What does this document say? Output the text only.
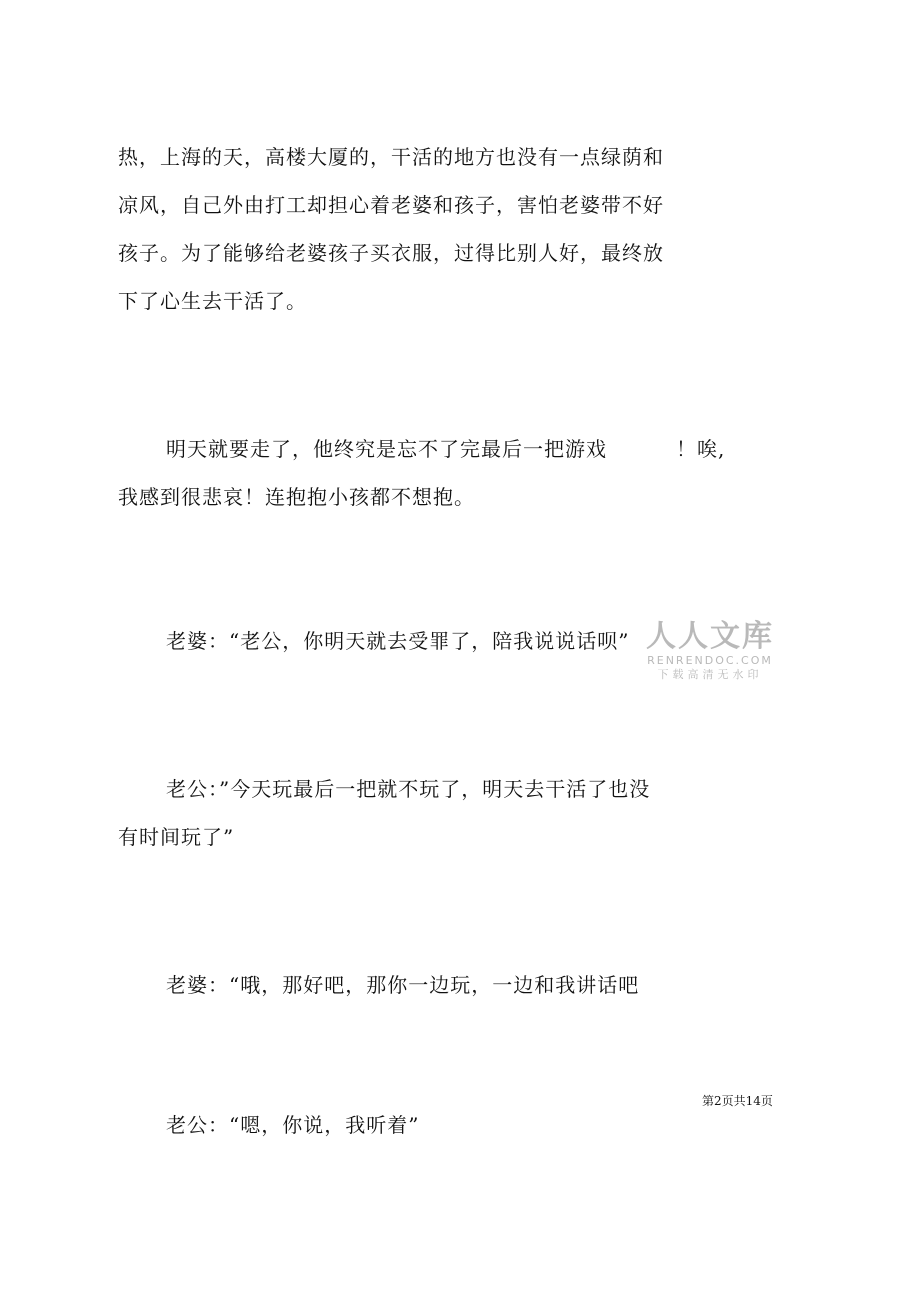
热，上海的天，高楼大厦的，干活的地方也没有一点绿荫和
凉风，自己外由打工却担心着老婆和孩子，害怕老婆带不好
孩子。为了能够给老婆孩子买衣服，过得比别人好，最终放
下了心生去干活了。
明天就要走了，他终究是忘不了完最后一把游戏	！唉,
我感到很悲哀！连抱抱小孩都不想抱。
老婆：“老公，你明天就去受罪了，陪我说说话呗”
老公：”今天玩最后一把就不玩了，明天去干活了也没
有时间玩了”
老婆：“哦，那好吧，那你一边玩，一边和我讲话吧
老公：“嗯，你说，我听着”
人人文库
RENRENDOC.COM
下载高清无水印
第2页共14页
